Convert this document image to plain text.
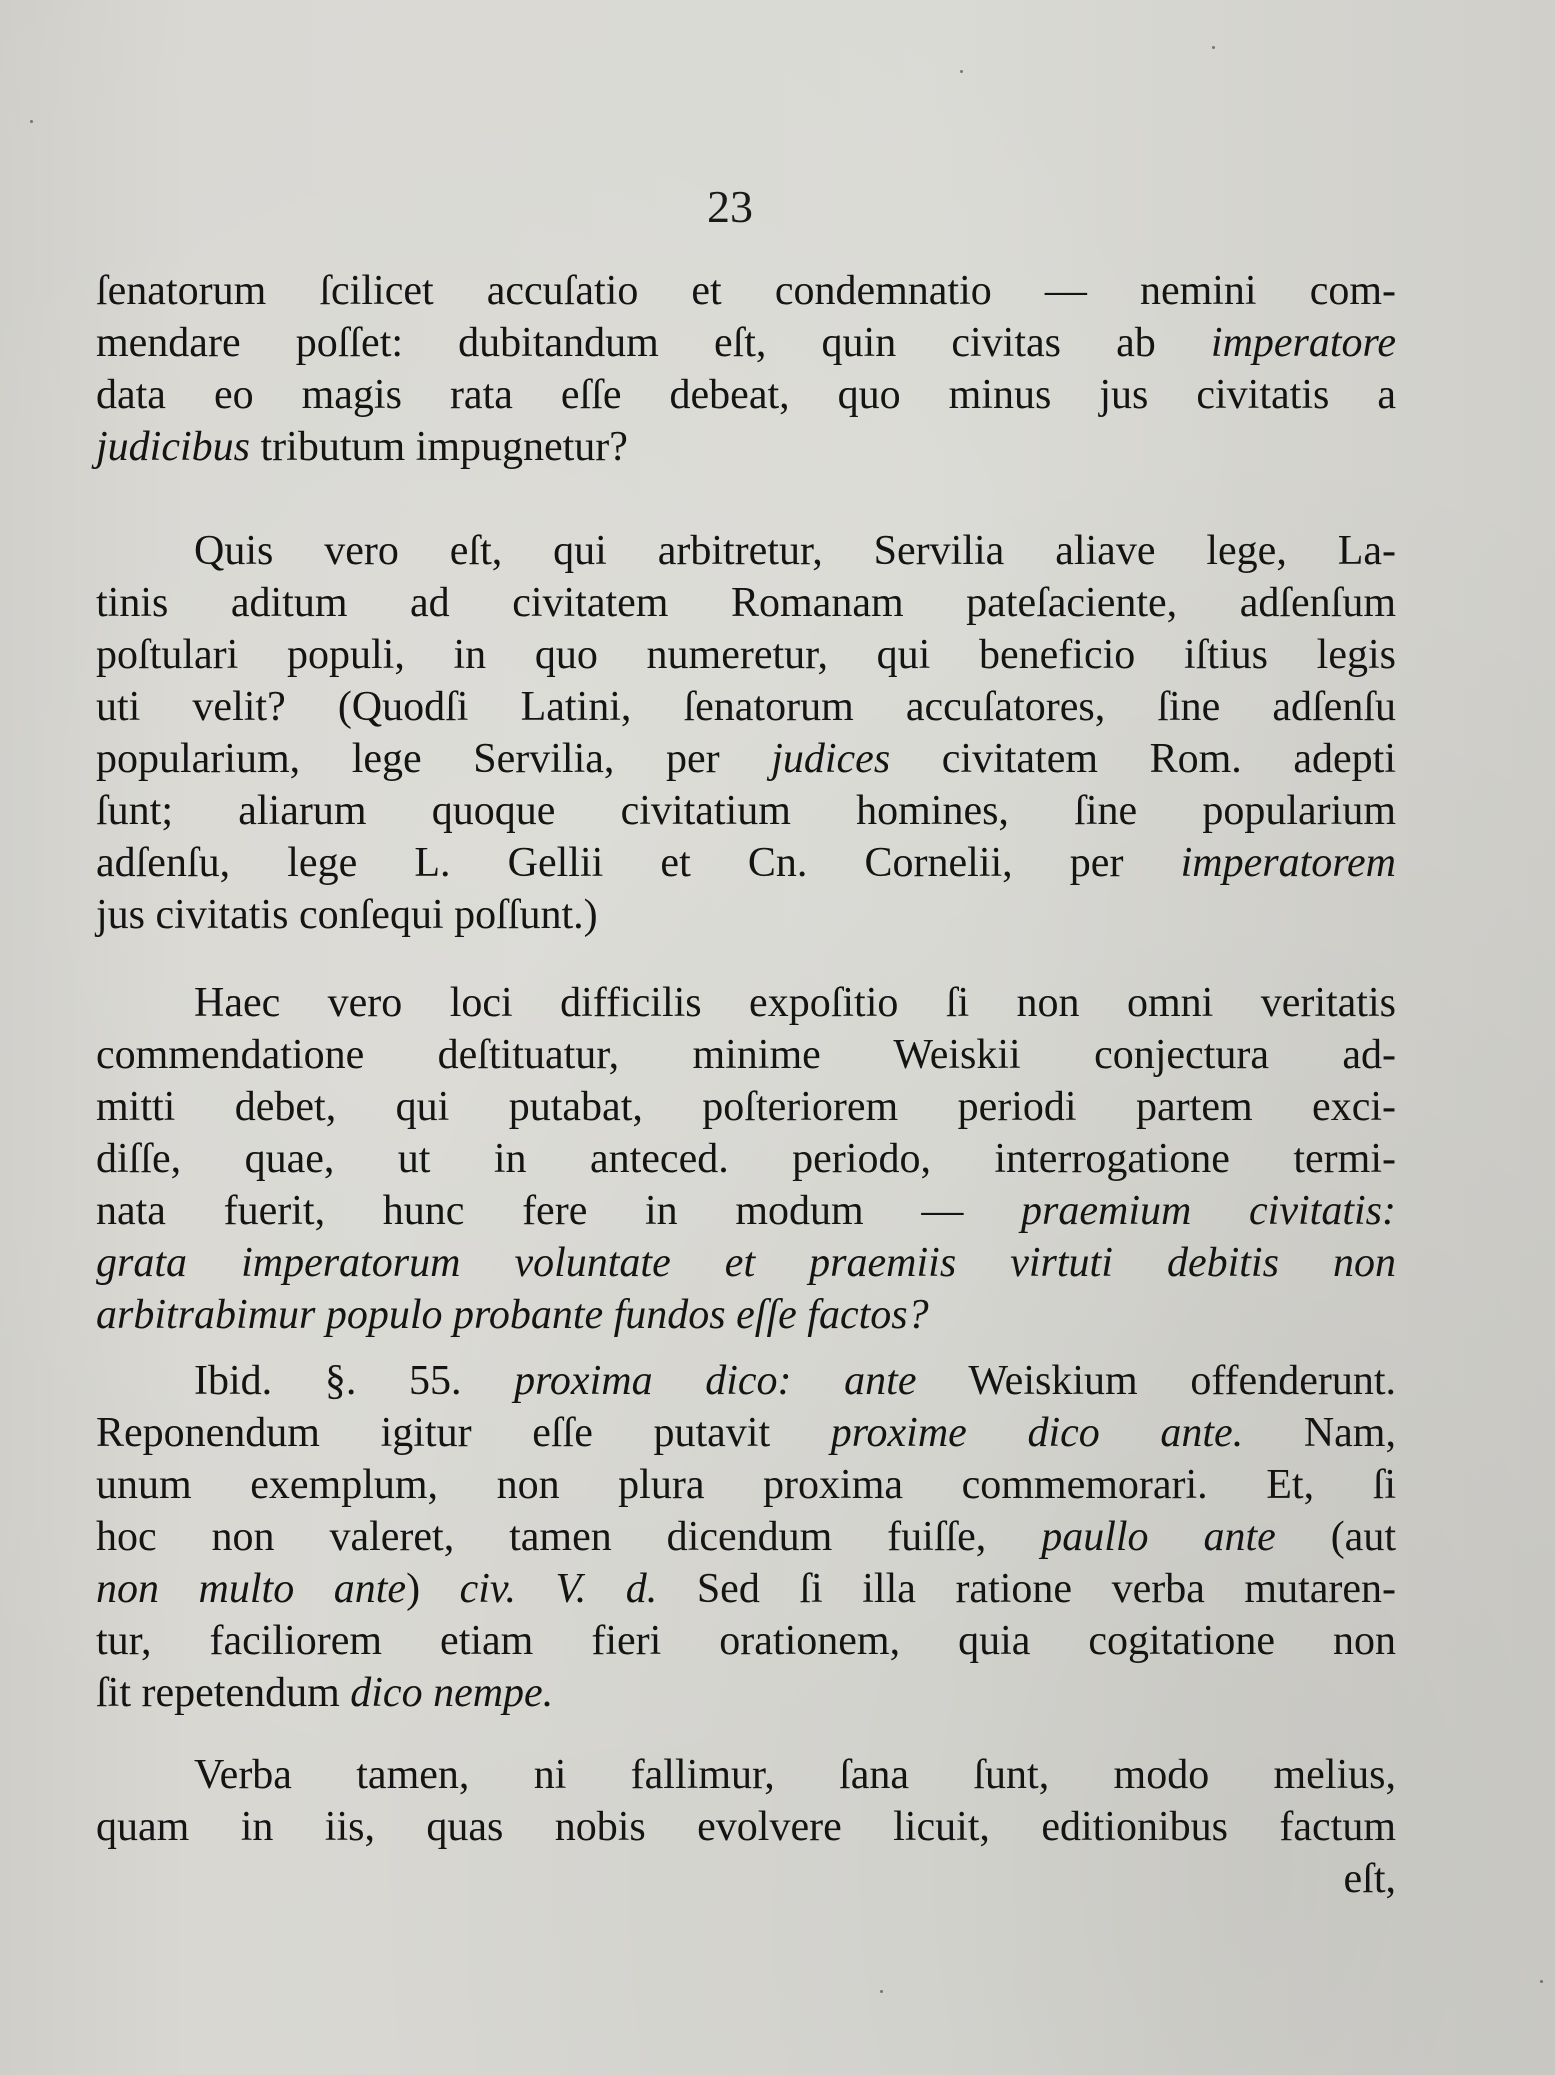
23
ſenatorum ſcilicet accuſatio et condemnatio — nemini com-
mendare poſſet: dubitandum eſt, quin civitas ab imperatore
data eo magis rata eſſe debeat, quo minus jus civitatis a
judicibus tributum impugnetur?
Quis vero eſt, qui arbitretur, Servilia aliave lege, La-
tinis aditum ad civitatem Romanam pateſaciente, adſenſum
poſtulari populi, in quo numeretur, qui beneficio iſtius legis
uti velit? (Quodſi Latini, ſenatorum accuſatores, ſine adſenſu
popularium, lege Servilia, per judices civitatem Rom. adepti
ſunt; aliarum quoque civitatium homines, ſine popularium
adſenſu, lege L. Gellii et Cn. Cornelii, per imperatorem
jus civitatis conſequi poſſunt.)
Haec vero loci difficilis expoſitio ſi non omni veritatis
commendatione deſtituatur, minime Weiskii conjectura ad-
mitti debet, qui putabat, poſteriorem periodi partem exci-
diſſe, quae, ut in anteced. periodo, interrogatione termi-
nata fuerit, hunc fere in modum — praemium civitatis:
grata imperatorum voluntate et praemiis virtuti debitis non
arbitrabimur populo probante fundos eſſe factos?
Ibid. §. 55. proxima dico: ante Weiskium offenderunt.
Reponendum igitur eſſe putavit proxime dico ante. Nam,
unum exemplum, non plura proxima commemorari. Et, ſi
hoc non valeret, tamen dicendum fuiſſe, paullo ante (aut
non multo ante) civ. V. d. Sed ſi illa ratione verba mutaren-
tur, faciliorem etiam fieri orationem, quia cogitatione non
ſit repetendum dico nempe.
Verba tamen, ni fallimur, ſana ſunt, modo melius,
quam in iis, quas nobis evolvere licuit, editionibus factum
eſt,
